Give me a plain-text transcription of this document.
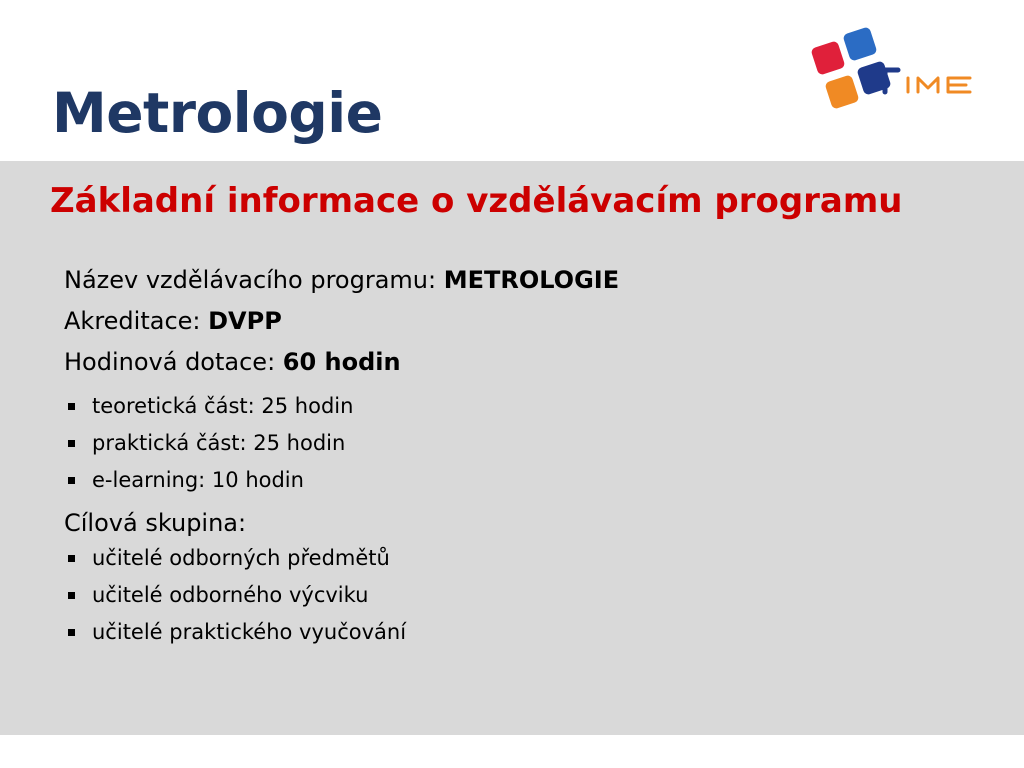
Metrologie
Základní informace o vzdělávacím programu

Název vzdělávacího programu: METROLOGIE

Akreditace: DVPP

Hodinová dotace: 60 hodin

teoretická část: 25 hodin

praktická část: 25 hodin

e-learning: 10 hodin

Cílová skupina:

učitelé odborných předmětů

učitelé odborného výcviku

učitelé praktického vyučování
